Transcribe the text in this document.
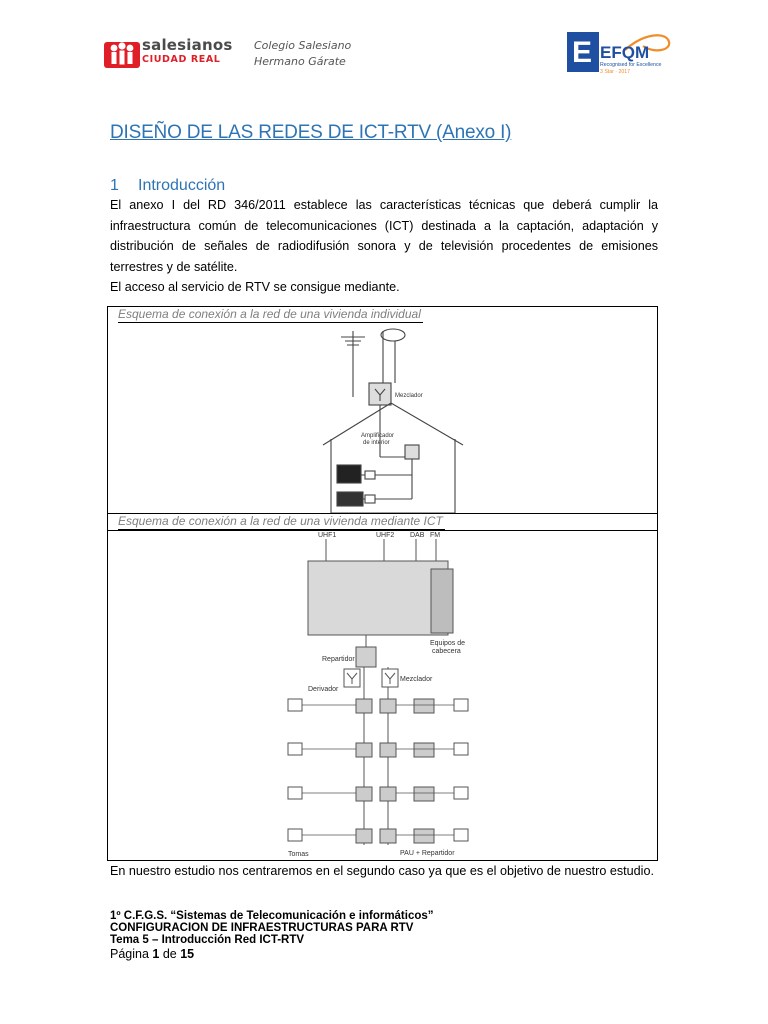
salesianos
CIUDAD REAL
Colegio Salesiano
Hermano Gárate	E EFQM
Recognised for Excellence
3 Star · 2017
DISEÑO DE LAS REDES DE ICT-RTV (Anexo I)
1 Introducción
El anexo I del RD 346/2011 establece las características técnicas que deberá cumplir la infraestructura común de telecomunicaciones (ICT) destinada a la captación, adaptación y distribución de señales de radiodifusión sonora y de televisión procedentes de emisiones terrestres y de satélite.
El acceso al servicio de RTV se consigue mediante.
Esquema de conexión a la red de una vivienda individual
Esquema de conexión a la red de una vivienda mediante ICT
Mezclador
Amplificador
de interior
UHF1	UHF2 DAB FM
Equipos de
cabecera
Repartidor
Derivador
Mezclador
Tomas	PAU + Repartidor
En nuestro estudio nos centraremos en el segundo caso ya que es el objetivo de nuestro estudio.
1º C.F.G.S. “Sistemas de Telecomunicación e informáticos”
CONFIGURACION DE INFRAESTRUCTURAS PARA RTV
Tema 5 – Introducción Red ICT-RTV
Página 1 de 15
